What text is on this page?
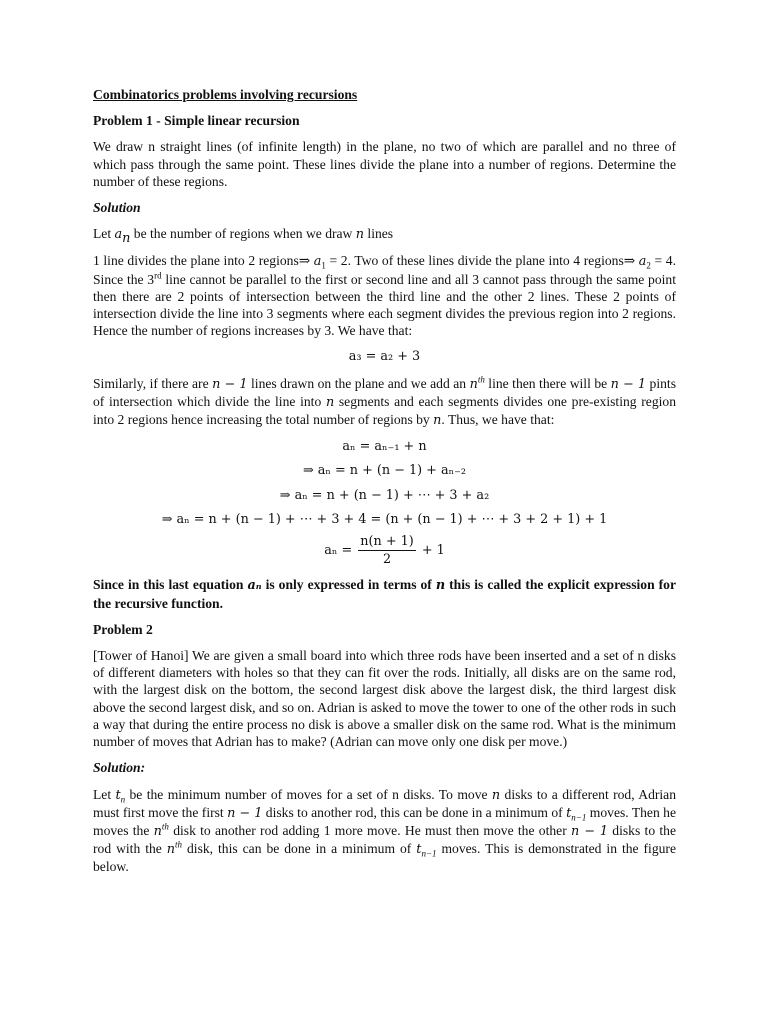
Combinatorics problems involving recursions

Problem 1 - Simple linear recursion

We draw n straight lines (of infinite length) in the plane, no two of which are parallel and no three of which pass through the same point. These lines divide the plane into a number of regions. Determine the number of these regions.

Solution

Let $a_n$ be the number of regions when we draw n lines

1 line divides the plane into 2 regions⇒ $a_1 = 2$. Two of these lines divide the plane into 4 regions⇒ $a_2 = 4$. Since the 3rd line cannot be parallel to the first or second line and all 3 cannot pass through the same point then there are 2 points of intersection between the third line and the other 2 lines. These 2 points of intersection divide the line into 3 segments where each segment divides the previous region into 2 regions. Hence the number of regions increases by 3. We have that:

a₃ = a₂ + 3

Similarly, if there are n − 1 lines drawn on the plane and we add an $n^{th}$ line then there will be n − 1 pints of intersection which divide the line into n segments and each segments divides one pre-existing region into 2 regions hence increasing the total number of regions by n. Thus, we have that:

aₙ = aₙ₋₁ + n

⇒ aₙ = n + (n − 1) + aₙ₋₂

⇒ aₙ = n + (n − 1) + ⋯ + 3 + a₂

⇒ aₙ = n + (n − 1) + ⋯ + 3 + 4 = (n + (n − 1) + ⋯ + 3 + 2 + 1) + 1

$a_n = \frac{n(n + 1)}{2} + 1$

Since in this last equation aₙ is only expressed in terms of n this is called the explicit expression for the recursive function.

Problem 2

[Tower of Hanoi] We are given a small board into which three rods have been inserted and a set of n disks of different diameters with holes so that they can fit over the rods. Initially, all disks are on the same rod, with the largest disk on the bottom, the second largest disk above the largest disk, the third largest disk above the second largest disk, and so on. Adrian is asked to move the tower to one of the other rods in such a way that during the entire process no disk is above a smaller disk on the same rod. What is the minimum number of moves that Adrian has to make? (Adrian can move only one disk per move.)

Solution:

Let $t_n$ be the minimum number of moves for a set of n disks. To move n disks to a different rod, Adrian must first move the first n − 1 disks to another rod, this can be done in a minimum of $t_{n-1}$ moves. Then he moves the $n^{th}$ disk to another rod adding 1 more move. He must then move the other n − 1 disks to the rod with the $n^{th}$ disk, this can be done in a minimum of $t_{n-1}$ moves. This is demonstrated in the figure below.
